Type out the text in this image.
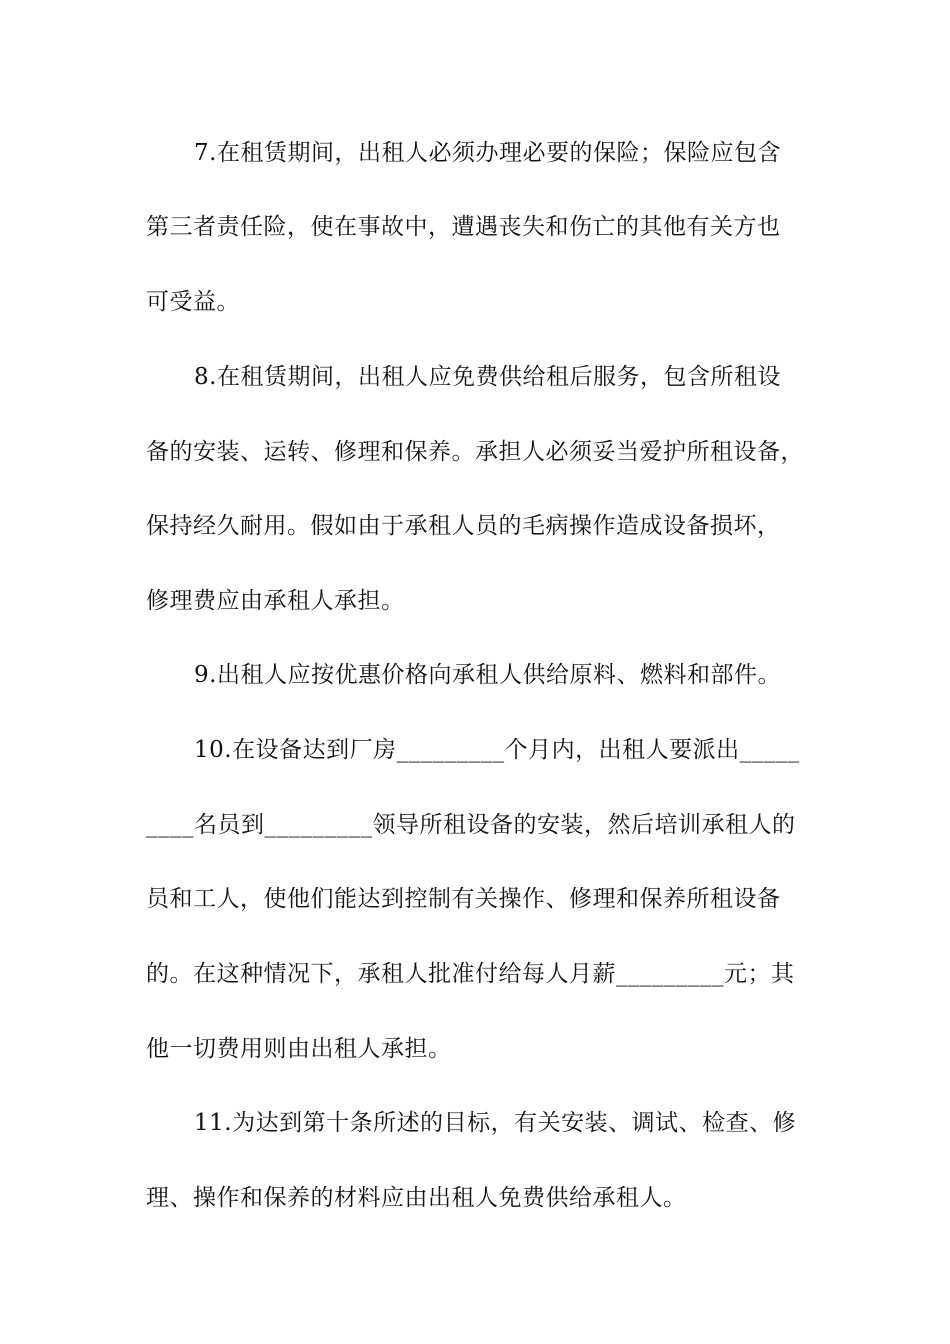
7.在租赁期间，出租人必须办理必要的保险；保险应包含
第三者责任险，使在事故中，遭遇丧失和伤亡的其他有关方也
可受益。
8.在租赁期间，出租人应免费供给租后服务，包含所租设
备的安装、运转、修理和保养。承担人必须妥当爱护所租设备，
保持经久耐用。假如由于承租人员的毛病操作造成设备损坏，
修理费应由承租人承担。
9.出租人应按优惠价格向承租人供给原料、燃料和部件。
10.在设备达到厂房_________个月内，出租人要派出_____
____名员到_________领导所租设备的安装，然后培训承租人的
员和工人，使他们能达到控制有关操作、修理和保养所租设备
的。在这种情况下，承租人批准付给每人月薪_________元；其
他一切费用则由出租人承担。
11.为达到第十条所述的目标，有关安装、调试、检查、修
理、操作和保养的材料应由出租人免费供给承租人。
